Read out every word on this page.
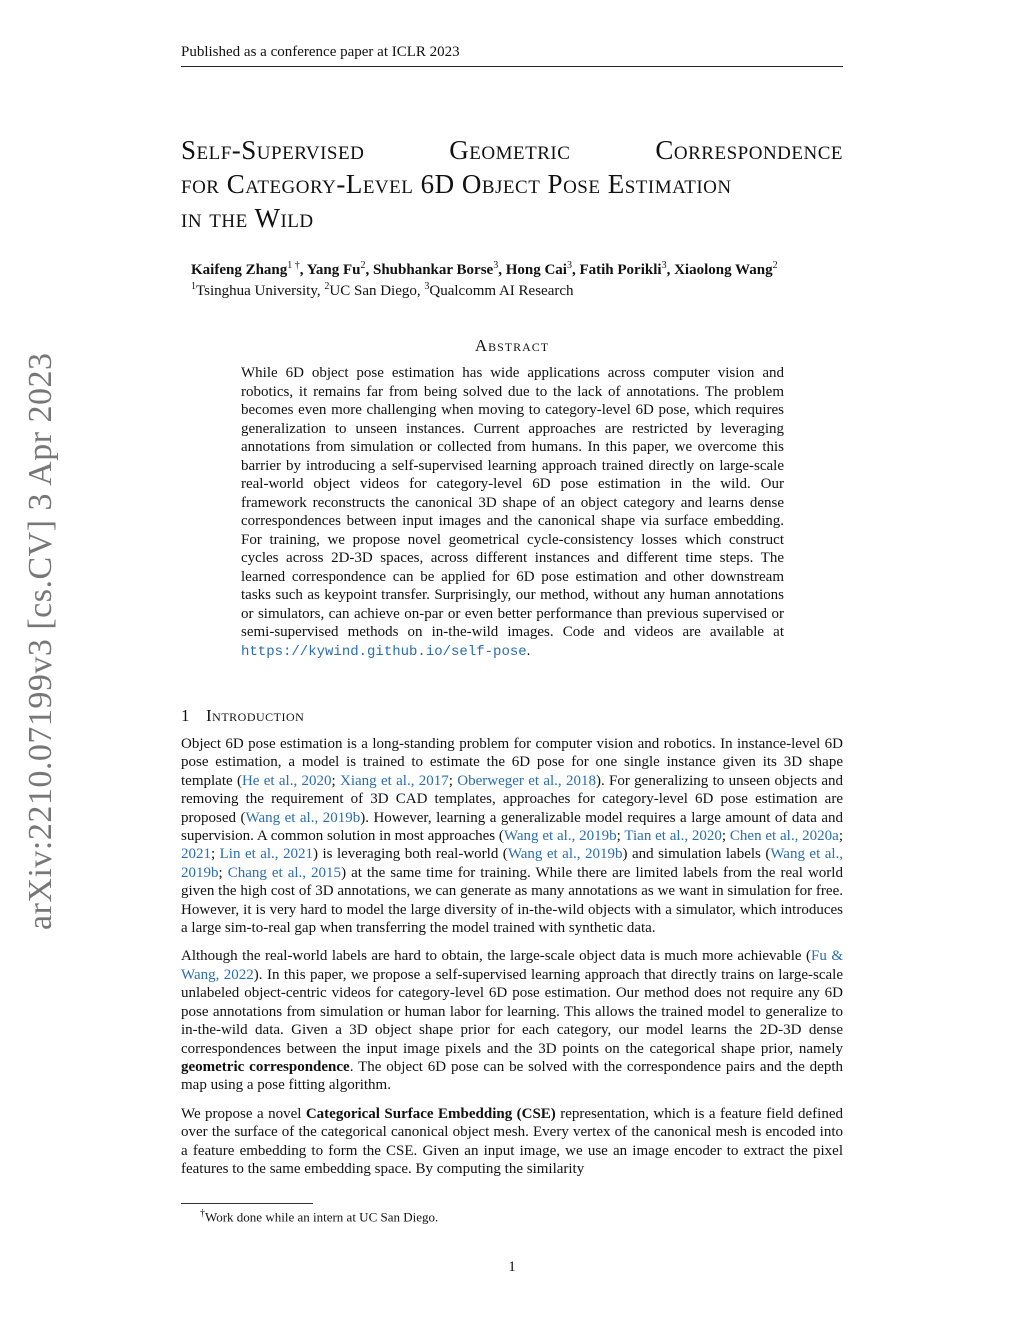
Published as a conference paper at ICLR 2023
Self-Supervised	Geometric	Correspondence
for Category-Level 6D Object Pose Estimation
in the Wild
Kaifeng Zhang$^{1 \dagger}$, Yang Fu$^2$, Shubhankar Borse$^3$, Hong Cai$^3$, Fatih Porikli$^3$, Xiaolong Wang$^2$
$^1$Tsinghua University, $^2$UC San Diego, $^3$Qualcomm AI Research
Abstract
While 6D object pose estimation has wide applications across computer vision and robotics, it remains far from being solved due to the lack of annotations. The problem becomes even more challenging when moving to category-level 6D pose, which requires generalization to unseen instances. Current approaches are restricted by leveraging annotations from simulation or collected from humans. In this paper, we overcome this barrier by introducing a self-supervised learning approach trained directly on large-scale real-world object videos for category-level 6D pose estimation in the wild. Our framework reconstructs the canonical 3D shape of an object category and learns dense correspondences between input images and the canonical shape via surface embedding. For training, we propose novel geometrical cycle-consistency losses which construct cycles across 2D-3D spaces, across different instances and different time steps. The learned correspondence can be applied for 6D pose estimation and other downstream tasks such as keypoint transfer. Surprisingly, our method, without any human annotations or simulators, can achieve on-par or even better performance than previous supervised or semi-supervised methods on in-the-wild images. Code and videos are available at https://kywind.github.io/self-pose.
1 Introduction

Object 6D pose estimation is a long-standing problem for computer vision and robotics. In instance-level 6D pose estimation, a model is trained to estimate the 6D pose for one single instance given its 3D shape template (He et al., 2020; Xiang et al., 2017; Oberweger et al., 2018). For generalizing to unseen objects and removing the requirement of 3D CAD templates, approaches for category-level 6D pose estimation are proposed (Wang et al., 2019b). However, learning a generalizable model requires a large amount of data and supervision. A common solution in most approaches (Wang et al., 2019b; Tian et al., 2020; Chen et al., 2020a; 2021; Lin et al., 2021) is leveraging both real-world (Wang et al., 2019b) and simulation labels (Wang et al., 2019b; Chang et al., 2015) at the same time for training. While there are limited labels from the real world given the high cost of 3D annotations, we can generate as many annotations as we want in simulation for free. However, it is very hard to model the large diversity of in-the-wild objects with a simulator, which introduces a large sim-to-real gap when transferring the model trained with synthetic data.

Although the real-world labels are hard to obtain, the large-scale object data is much more achievable (Fu & Wang, 2022). In this paper, we propose a self-supervised learning approach that directly trains on large-scale unlabeled object-centric videos for category-level 6D pose estimation. Our method does not require any 6D pose annotations from simulation or human labor for learning. This allows the trained model to generalize to in-the-wild data. Given a 3D object shape prior for each category, our model learns the 2D-3D dense correspondences between the input image pixels and the 3D points on the categorical shape prior, namely geometric correspondence. The object 6D pose can be solved with the correspondence pairs and the depth map using a pose fitting algorithm.

We propose a novel Categorical Surface Embedding (CSE) representation, which is a feature field defined over the surface of the categorical canonical object mesh. Every vertex of the canonical mesh is encoded into a feature embedding to form the CSE. Given an input image, we use an image encoder to extract the pixel features to the same embedding space. By computing the similarity

†Work done while an intern at UC San Diego.
1
arXiv:2210.07199v3 [cs.CV] 3 Apr 2023
